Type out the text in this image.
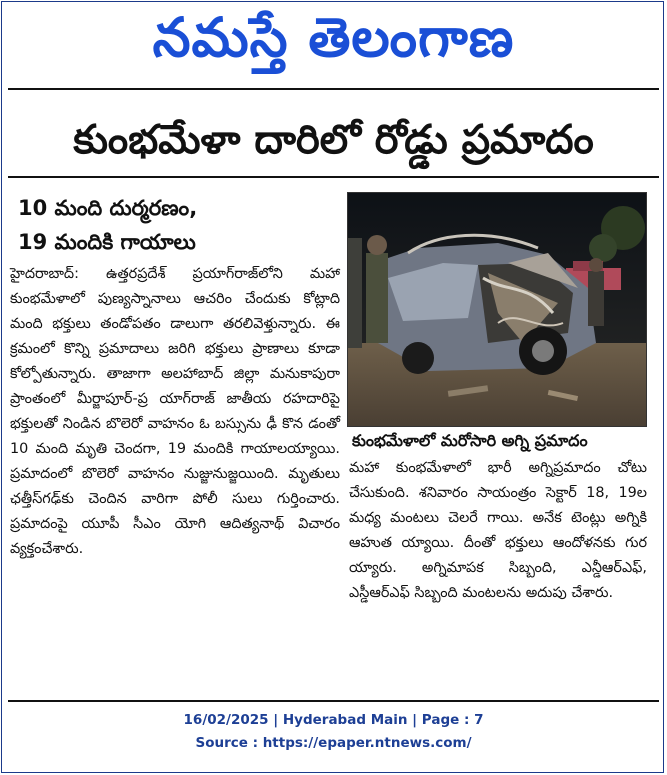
నమస్తే తెలంగాణ
కుంభమేళా దారిలో రోడ్డు ప్రమాదం
10 మంది దుర్మరణం,
19 మందికి గాయాలు

హైదరాబాద్‌: ఉత్తరప్రదేశ్‌ ప్రయాగ్‌రాజ్‌లోని మహా కుంభమేళాలో పుణ్యస్నానాలు ఆచరిం చేందుకు కోట్లాది మంది భక్తులు తండోపతం డాలుగా తరలివెళ్తున్నారు. ఈ క్రమంలో కొన్ని ప్రమాదాలు జరిగి భక్తులు ప్రాణాలు కూడా కోల్పోతున్నారు. తాజాగా అలహాబాద్‌ జిల్లా మనుకాపురా ప్రాంతంలో మీర్జాపూర్‌-ప్ర యాగ్‌రాజ్‌ జాతీయ రహదారిపై భక్తులతో నిండిన బొలెరో వాహనం ఓ బస్సును ఢీ కొన డంతో 10 మంది మృతి చెందగా, 19 మందికి గాయాలయ్యాయి. ప్రమాదంలో బొలెరో వాహనం నుజ్జునుజ్జయింది. మృతులు ఛత్తీస్‌గఢ్‌కు చెందిన వారిగా పోలీ సులు గుర్తించారు. ప్రమాదంపై యూపీ సీఎం యోగి ఆదిత్యనాథ్‌ విచారం వ్యక్తంచేశారు.

కుంభమేళాలో మరోసారి అగ్ని ప్రమాదం
మహా కుంభమేళాలో భారీ అగ్నిప్రమాదం చోటు చేసుకుంది. శనివారం సాయంత్రం సెక్టార్‌ 18, 19ల మధ్య మంటలు చెలరే గాయి. అనేక టెంట్లు అగ్నికి ఆహుత య్యాయి. దీంతో భక్తులు ఆందోళనకు గుర య్యారు. అగ్నిమాపక సిబ్బంది, ఎన్డీఆర్‌ఎఫ్‌, ఎస్డీఆర్‌ఎఫ్‌ సిబ్బంది మంటలను అదుపు చేశారు.
16/02/2025 | Hyderabad Main | Page : 7
Source : https://epaper.ntnews.com/
